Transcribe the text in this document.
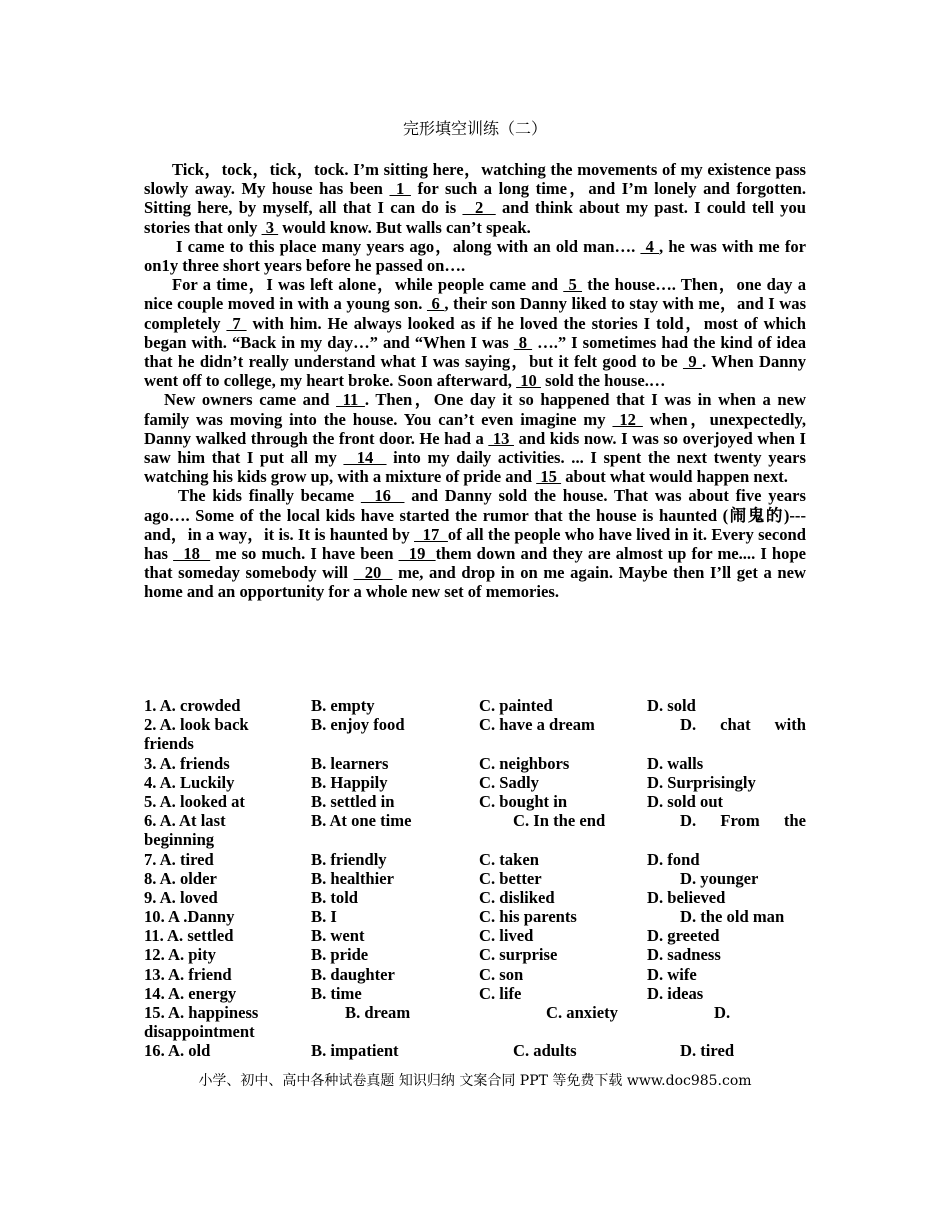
完形填空训练（二）

Tick，tock，tick，tock. I’m sitting here，watching the movements of my existence pass slowly away. My house has been  1  for such a long time，and I’m lonely and forgotten. Sitting here, by myself, all that I can do is   2   and think about my past. I could tell you stories that only  3  would know. But walls can’t speak.

I came to this place many years ago，along with an old man….  4 , he was with me for on1y three short years before he passed on….

For a time，I was left alone，while people came and  5  the house…. Then，one day a nice couple moved in with a young son.  6 , their son Danny liked to stay with me，and I was completely  7  with him. He always looked as if he loved the stories I told，most of which began with. “Back in my day…” and “When I was  8  ….” I sometimes had the kind of idea that he didn’t really understand what I was saying，but it felt good to be  9 . When Danny went off to college, my heart broke. Soon afterward,  10  sold the house.…

New owners came and  11 . Then，One day it so happened that I was in when a new family was moving into the house. You can’t even imagine my  12  when，unexpectedly, Danny walked through the front door. He had a  13  and kids now. I was so overjoyed when I saw him that I put all my   14   into my daily activities. ... I spent the next twenty years watching his kids grow up, with a mixture of pride and  15  about what would happen next.

The kids finally became   16   and Danny sold the house. That was about five years ago…. Some of the local kids have started the rumor that the house is haunted (闹鬼的)--- and，in a way，it is. It is haunted by   17  of all the people who have lived in it. Every second has   18   me so much. I have been   19  them down and they are almost up for me.... I hope that someday somebody will   20   me, and drop in on me again. Maybe then I’ll get a new home and an opportunity for a whole new set of memories.

1. A. crowded	B. empty	C. painted	D. sold
2. A. look back	B. enjoy food	C. have a dream	D. chat with
friends
3. A. friends	B. learners	C. neighbors	D. walls
4. A. Luckily	B. Happily	C. Sadly	D. Surprisingly
5. A. looked at	B. settled in	C. bought in	D. sold out
6. A. At last	B. At one time	C. In the end	D. From the
beginning
7. A. tired	B. friendly	C. taken	D. fond
8. A. older	B. healthier	C. better	D. younger
9. A. loved	B. told	C. disliked	D. believed
10. A .Danny	B. I	C. his parents	D. the old man
11. A. settled	B. went	C. lived	D. greeted
12. A. pity	B. pride	C. surprise	D. sadness
13. A. friend	B. daughter	C. son	D. wife
14. A. energy	B. time	C. life	D. ideas
15. A. happiness	B. dream	C. anxiety	D.
disappointment
16. A. old	B. impatient	C. adults	D. tired
小学、初中、高中各种试卷真题 知识归纳 文案合同 PPT 等免费下载 www.doc985.com
